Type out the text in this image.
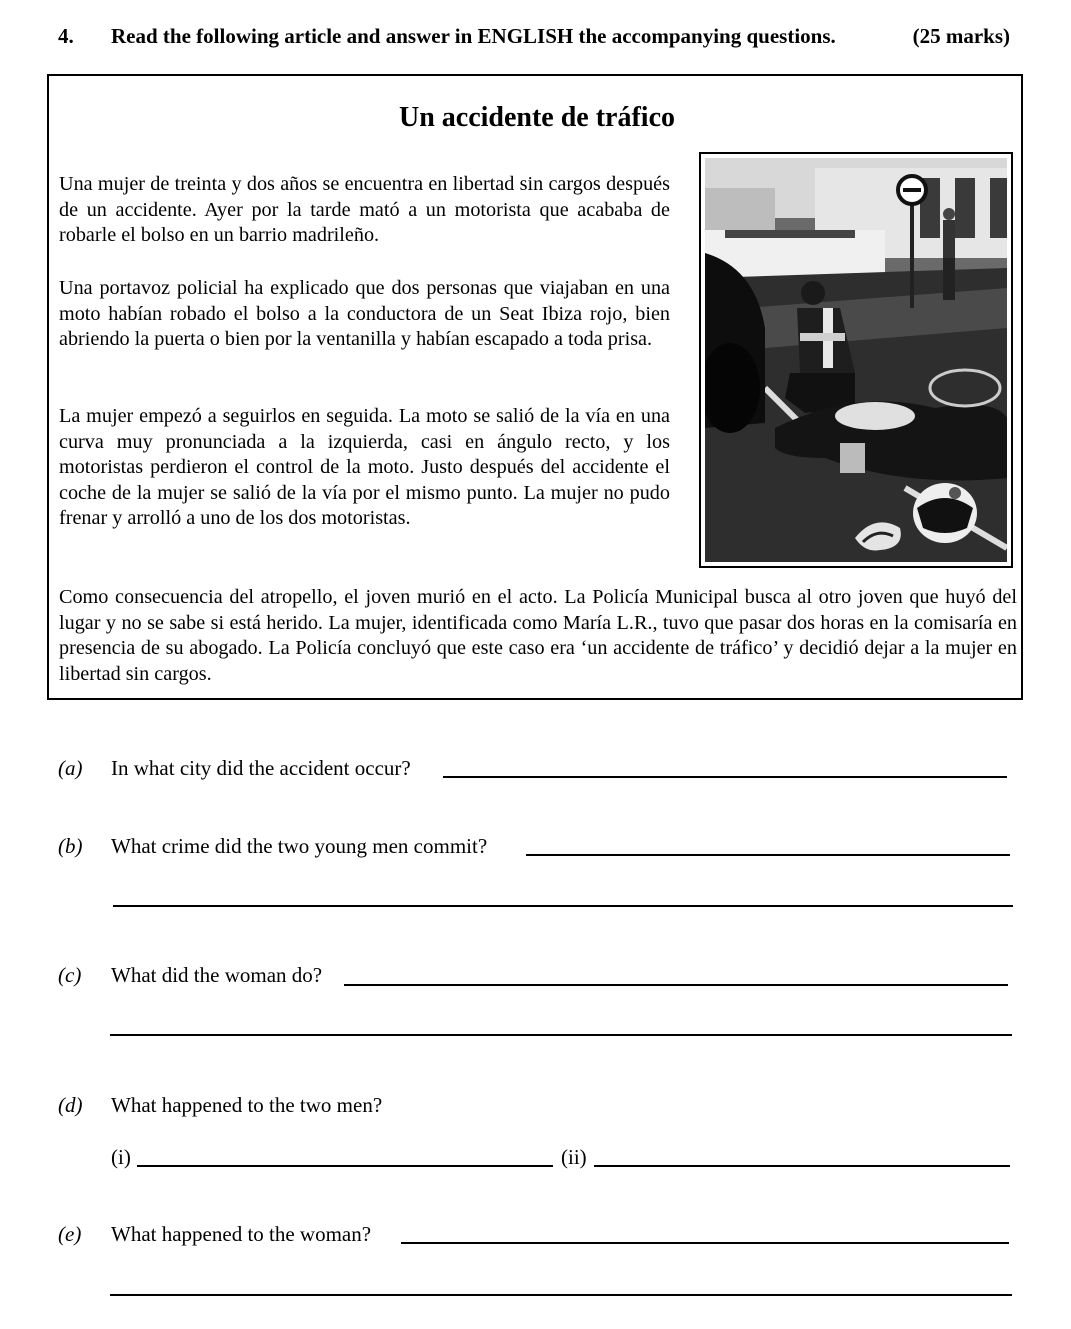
4. Read the following article and answer in ENGLISH the accompanying questions.	(25 marks)
Un accidente de tráfico

Una mujer de treinta y dos años se encuentra en libertad sin cargos después de un accidente. Ayer por la tarde mató a un motorista que acababa de robarle el bolso en un barrio madrileño.

Una portavoz policial ha explicado que dos personas que viajaban en una moto habían robado el bolso a la conductora de un Seat Ibiza rojo, bien abriendo la puerta o bien por la ventanilla y habían escapado a toda prisa.

La mujer empezó a seguirlos en seguida. La moto se salió de la vía en una curva muy pronunciada a la izquierda, casi en ángulo recto, y los motoristas perdieron el control de la moto. Justo después del accidente el coche de la mujer se salió de la vía por el mismo punto. La mujer no pudo frenar y arrolló a uno de los dos motoristas.

Como consecuencia del atropello, el joven murió en el acto. La Policía Municipal busca al otro joven que huyó del lugar y no se sabe si está herido. La mujer, identificada como María L.R., tuvo que pasar dos horas en la comisaría en presencia de su abogado. La Policía concluyó que este caso era ‘un accidente de tráfico’ y decidió dejar a la mujer en libertad sin cargos.

(a) In what city did the accident occur?
(b) What crime did the two young men commit?
(c) What did the woman do?
(d) What happened to the two men?
(i)	(ii)
(e) What happened to the woman?
